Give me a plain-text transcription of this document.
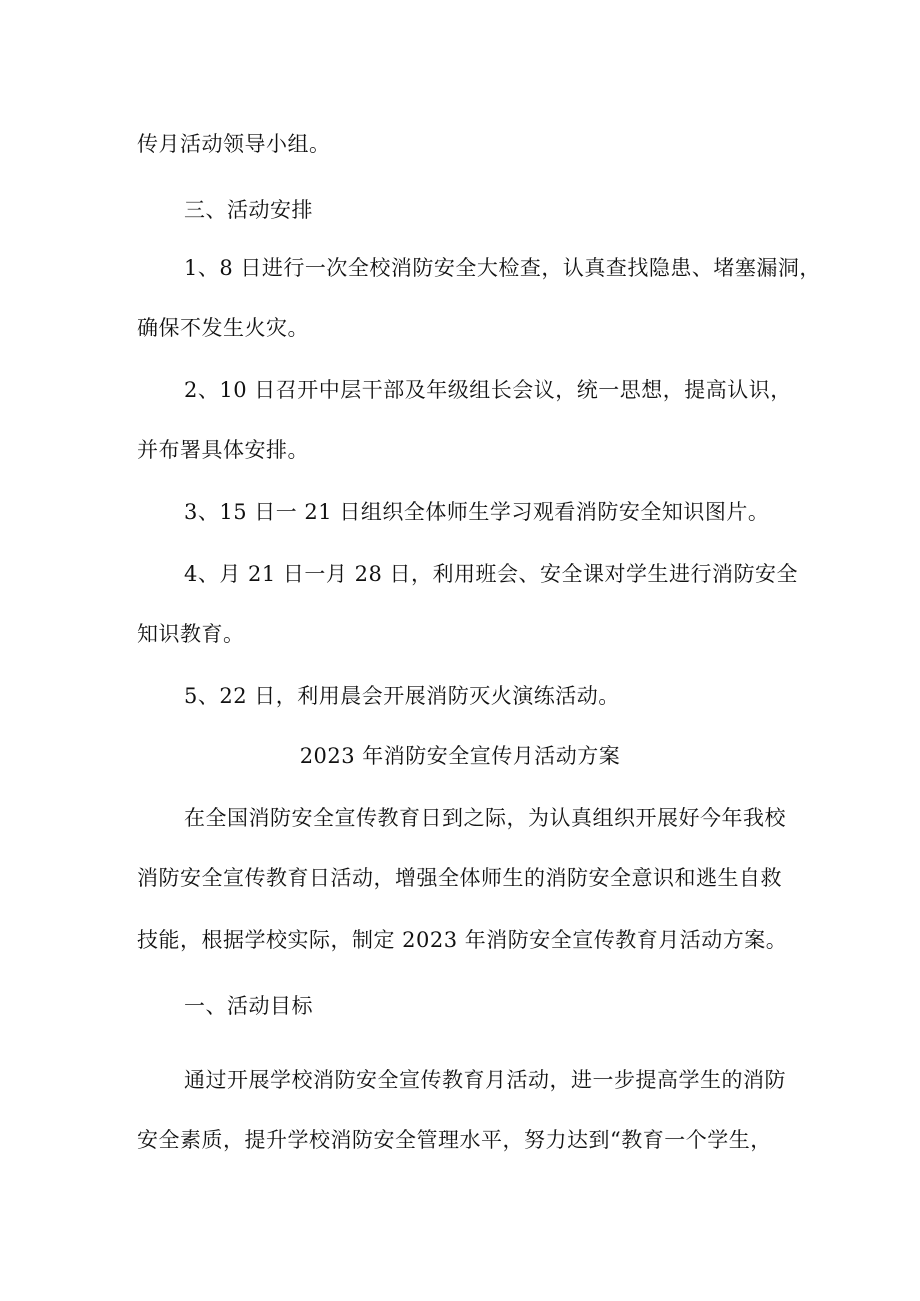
传月活动领导小组。
三、活动安排
1、8 日进行一次全校消防安全大检查，认真查找隐患、堵塞漏洞，
确保不发生火灾。
2、10 日召开中层干部及年级组长会议，统一思想，提高认识，
并布署具体安排。
3、15 日一 21 日组织全体师生学习观看消防安全知识图片。
4、月 21 日一月 28 日，利用班会、安全课对学生进行消防安全
知识教育。
5、22 日，利用晨会开展消防灭火演练活动。
2023 年消防安全宣传月活动方案
在全国消防安全宣传教育日到之际，为认真组织开展好今年我校
消防安全宣传教育日活动，增强全体师生的消防安全意识和逃生自救
技能，根据学校实际，制定 2023 年消防安全宣传教育月活动方案。
一、活动目标
通过开展学校消防安全宣传教育月活动，进一步提高学生的消防
安全素质，提升学校消防安全管理水平，努力达到“教育一个学生，
